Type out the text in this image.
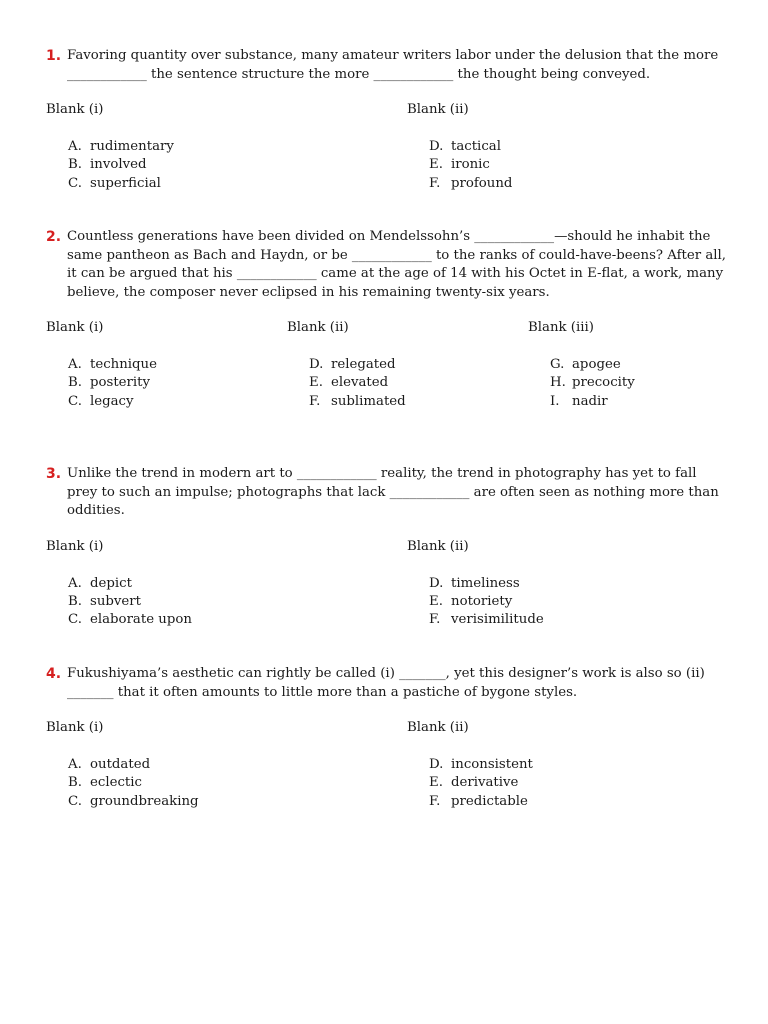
1. Favoring quantity over substance, many amateur writers labor under the delusion that the more ____________ the sentence structure the more ____________ the thought being conveyed.
Blank (i)
A. rudimentary
B. involved
C. superficial
Blank (ii)
D. tactical
E. ironic
F. profound
2. Countless generations have been divided on Mendelssohn’s ____________—should he inhabit the same pantheon as Bach and Haydn, or be ____________ to the ranks of could-have-beens? After all, it can be argued that his ____________ came at the age of 14 with his Octet in E-flat, a work, many believe, the composer never eclipsed in his remaining twenty-six years.
Blank (i)
A. technique
B. posterity
C. legacy
Blank (ii)
D. relegated
E. elevated
F. sublimated
Blank (iii)
G. apogee
H. precocity
I. nadir
3. Unlike the trend in modern art to ____________ reality, the trend in photography has yet to fall prey to such an impulse; photographs that lack ____________ are often seen as nothing more than oddities.
Blank (i)
A. depict
B. subvert
C. elaborate upon
Blank (ii)
D. timeliness
E. notoriety
F. verisimilitude
4. Fukushiyama’s aesthetic can rightly be called (i) _______, yet this designer’s work is also so (ii) _______ that it often amounts to little more than a pastiche of bygone styles.
Blank (i)
A. outdated
B. eclectic
C. groundbreaking
Blank (ii)
D. inconsistent
E. derivative
F. predictable
